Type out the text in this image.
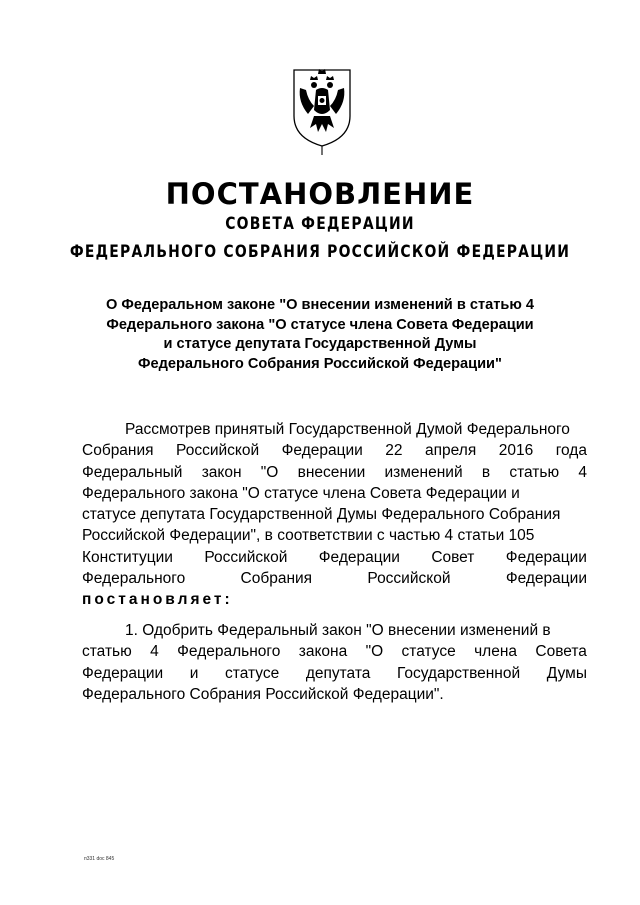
ПОСТАНОВЛЕНИЕ
СОВЕТА ФЕДЕРАЦИИ
ФЕДЕРАЛЬНОГО СОБРАНИЯ РОССИЙСКОЙ ФЕДЕРАЦИИ
О Федеральном законе "О внесении изменений в статью 4
Федерального закона "О статусе члена Совета Федерации
и статусе депутата Государственной Думы
Федерального Собрания Российской Федерации"
Рассмотрев принятый Государственной Думой Федерального
Собрания Российской Федерации 22 апреля 2016 года
Федеральный закон "О внесении изменений в статью 4
Федерального закона "О статусе члена Совета Федерации и
статусе депутата Государственной Думы Федерального Собрания
Российской Федерации", в соответствии с частью 4 статьи 105
Конституции Российской Федерации Совет Федерации
Федерального	Собрания	Российской	Федерации
постановляет:
1. Одобрить Федеральный закон "О внесении изменений в
статью 4 Федерального закона "О статусе члена Совета
Федерации и статусе депутата Государственной Думы
Федерального Собрания Российской Федерации".
п331 doc 845
